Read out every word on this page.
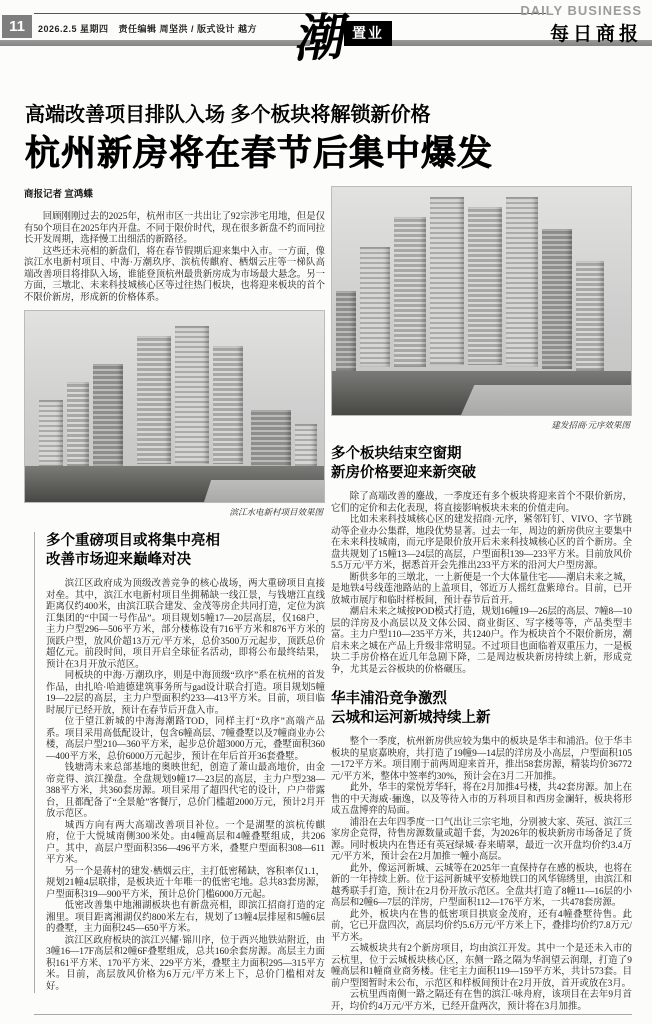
11	2026.2.5 星期四 责任编辑 周坚洪 / 版式设计 越方 潮 置业
DAILY BUSINESS
每日商报
高端改善项目排队入场 多个板块将解锁新价格
杭州新房将在春节后集中爆发
商报记者 宣鸿蝶

回顾刚刚过去的2025年，杭州市区一共出让了92宗涉宅用地，但是仅有50个项目在2025年内开盘。不同于限价时代，现在很多新盘不约而同拉长开发周期，选择慢工出细活的新路径。

这些还未亮相的新盘们，将在春节假期后迎来集中入市。一方面，像滨江水电新村项目、中海·万潮玖序、滨杭传麒府、栖烟云庄等一梯队高端改善项目将排队入场，谁能登顶杭州最贵新房成为市场最大悬念。另一方面，三墩北、未来科技城核心区等过往热门板块，也将迎来板块的首个不限价新房，形成新的价格体系。

滨江水电新村项目效果图
多个重磅项目或将集中亮相
改善市场迎来巅峰对决

滨江区政府成为顶级改善竞争的核心战场，两大重磅项目直接对垒。其中，滨江水电新村项目坐拥稀缺一线江景，与钱塘江直线距离仅约400米，由滨江联合建发、金茂等房企共同打造，定位为滨江集团的“中国一号作品”。项目规划5幢17—20层高层，仅168户，主力户型296—506平方米，部分楼栋设有716平方米和876平方米的顶跃户型，放风价超13万元/平方米，总价3500万元起步，顶跃总价超亿元。前段时间，项目开启全球征名活动，即将公布最终结果，预计在3月开放示范区。

同板块的中海·万潮玖序，则是中海顶级“玖序”系在杭州的首发作品，由扎哈·哈迪德建筑事务所与gad设计联合打造。项目规划5幢19—22层的高层，主力户型面积约233—413平方米。目前，项目临时展厅已经开放，预计在春节后开盘入市。

位于望江新城的中海海潮路TOD，同样主打“玖序”高端产品系。项目采用高低配设计，包含6幢高层、7幢叠墅以及7幢商业办公楼，高层户型210—360平方米，起步总价超3000万元，叠墅面积360—400平方米，总价6000万元起步，预计在年后首开36套叠墅。

钱塘湾未来总部基地的奥映世纪，创造了萧山最高地价，由金帝竞得、滨江操盘。全盘规划9幢17—23层的高层，主力户型238—388平方米，共360套房源。项目采用了超四代宅的设计，户户带露台，且都配备了“全景舱”客餐厅，总价门槛超2000万元，预计2月开放示范区。

城西方向有两大高端改善项目补位。一个是湖墅的滨杭传麒府，位于大悦城南侧300米处。由4幢高层和4幢叠墅组成，共206户。其中，高层户型面积356—496平方米，叠墅户型面积308—611平方米。

另一个是蒋村的建发·栖烟云庄，主打低密稀缺，容积率仅1.1，规划21幢4层联排，是板块近十年唯一的低密宅地。总共83套房源，户型面积319—900平方米，预计总价门槛6000万元起。

低密改善集中地湘湖板块也有新盘亮相，即滨江招商打造的定湘里。项目距离湘湖仅约800米左右，规划了13幢4层排屋和5幢6层的叠墅，主力面积245—650平方米。

滨江区政府板块的滨江兴耀·锦川序，位于西兴地铁站附近，由3幢16—17F高层和2幢6F叠墅组成，总共160余套房源。高层主力面积161平方米、170平方米、229平方米，叠墅主力面积295—315平方米。目前，高层放风价格为6万元/平方米上下，总价门槛相对友好。

建发招商·元序效果图
多个板块结束空窗期
新房价格要迎来新突破

除了高端改善的鏖战，一季度还有多个板块将迎来首个不限价新房，它们的定价和去化表现，将直接影响板块未来的价值走向。

比如未来科技城核心区的建发招商·元序，紧邻钉钉、VIVO、字节跳动等企业办公集群，地段优势显著。过去一年，周边的新房供应主要集中在未来科技城南，而元序是限价放开后未来科技城核心区的首个新房。全盘共规划了15幢13—24层的高层，户型面积139—233平方米。目前放风价5.5万元/平方米，据悉首开会先推出233平方米的沿河大户型房源。

断供多年的三墩北，一上新便是一个大体量住宅——潮启未来之城，是地铁4号线莲池路站的上盖项目，邻近万人摇红盘紫璋台。目前，已开放城市展厅和临时样板间，预计春节后首开。

潮启未来之城按POD模式打造，规划16幢19—26层的高层、7幢8—10层的洋房及小高层以及文体公园、商业街区、写字楼等等，产品类型丰富。主力户型110—235平方米，共1240户。作为板块首个不限价新房，潮启未来之城在产品上升级非常明显。不过项目也面临着双重压力，一是板块二手房价格在近几年急剧下降，二是周边板块新房持续上新，形成竞争，尤其是云谷板块的价格碾压。

华丰浦沿竞争激烈
云城和运河新城持续上新

整个一季度，杭州新房供应较为集中的板块是华丰和浦沿。位于华丰板块的星宸嘉映府，共打造了19幢9—14层的洋房及小高层，户型面积105—172平方米。项目刚于前两周迎来首开，推出58套房源，精装均价36772元/平方米，整体中签率约30%，预计会在3月二开加推。

此外，华丰的棠悦芳华轩，将在2月加推4号楼，共42套房源。加上在售的中天海威·骊逸，以及等待入市的万科项目和西房金澜轩，板块将形成五盘博弈的局面。

浦沿在去年四季度一口气出让三宗宅地，分别被大家、英冠、滨江三家房企竞得，待售房源数量或超千套，为2026年的板块新房市场备足了货源。同时板块内在售还有英冠绿城·春来晴翠，最近一次开盘均价约3.4万元/平方米，预计会在2月加推一幢小高层。

此外，像运河新城、云城等在2025年一直保持存在感的板块，也将在新的一年持续上新。位于运河新城平安桥地铁口的风华锦绣里，由滨江和越秀联手打造，预计在2月份开放示范区。全盘共打造了8幢11—16层的小高层和2幢6—7层的洋房，户型面积112—176平方米，一共478套房源。

此外，板块内在售的低密项目拱宸金茂府，还有4幢叠墅待售。此前，它已开盘四次，高层均价约5.6万元/平方米上下，叠排均价约7.8万元/平方米。

云城板块共有2个新房项目，均由滨江开发。其中一个是还未入市的云杭里，位于云城板块核心区，东侧一路之隔为华润望云润璟，打造了9幢高层和1幢商业商务楼。住宅主力面积119—159平方米，共计573套。目前户型图暂时未公布，示范区和样板间预计在2月开放，首开或放在3月。

云杭里西南侧一路之隔还有在售的滨江·咏舟府，该项目在去年9月首开，均价约4万元/平方米，已经开盘两次，预计将在3月加推。
